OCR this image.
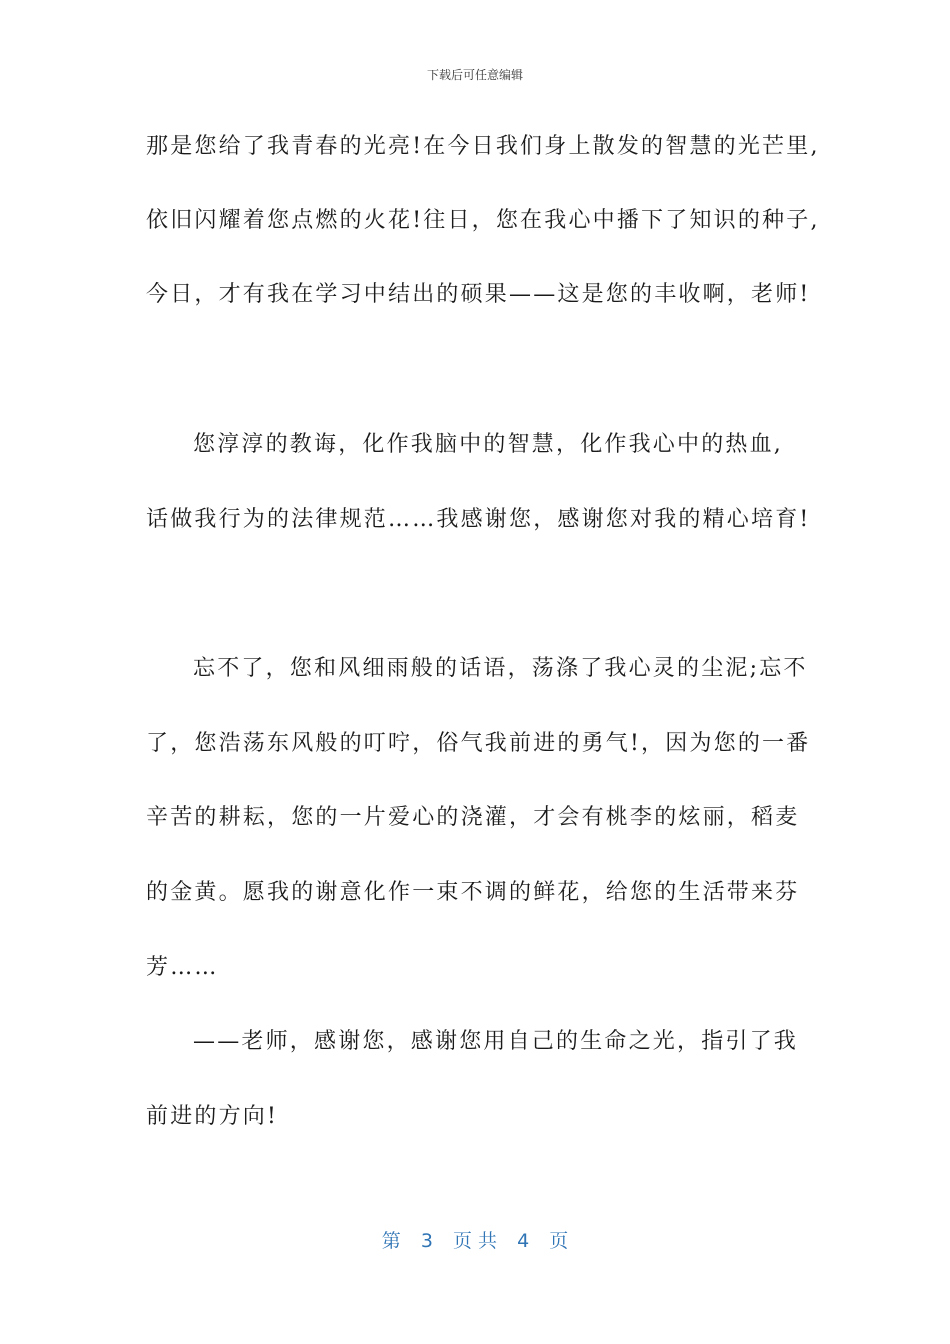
下载后可任意编辑
那是您给了我青春的光亮!在今日我们身上散发的智慧的光芒里,
依旧闪耀着您点燃的火花!往日，您在我心中播下了知识的种子,
今日，才有我在学习中结出的硕果——这是您的丰收啊，老师!
您淳淳的教诲，化作我脑中的智慧，化作我心中的热血,
话做我行为的法律规范……我感谢您，感谢您对我的精心培育!
忘不了，您和风细雨般的话语，荡涤了我心灵的尘泥;忘不
了，您浩荡东风般的叮咛，俗气我前进的勇气!，因为您的一番
辛苦的耕耘，您的一片爱心的浇灌，才会有桃李的炫丽，稻麦
的金黄。愿我的谢意化作一束不调的鲜花，给您的生活带来芬
芳……
——老师，感谢您，感谢您用自己的生命之光，指引了我
前进的方向!
第 3 页 共 4 页
